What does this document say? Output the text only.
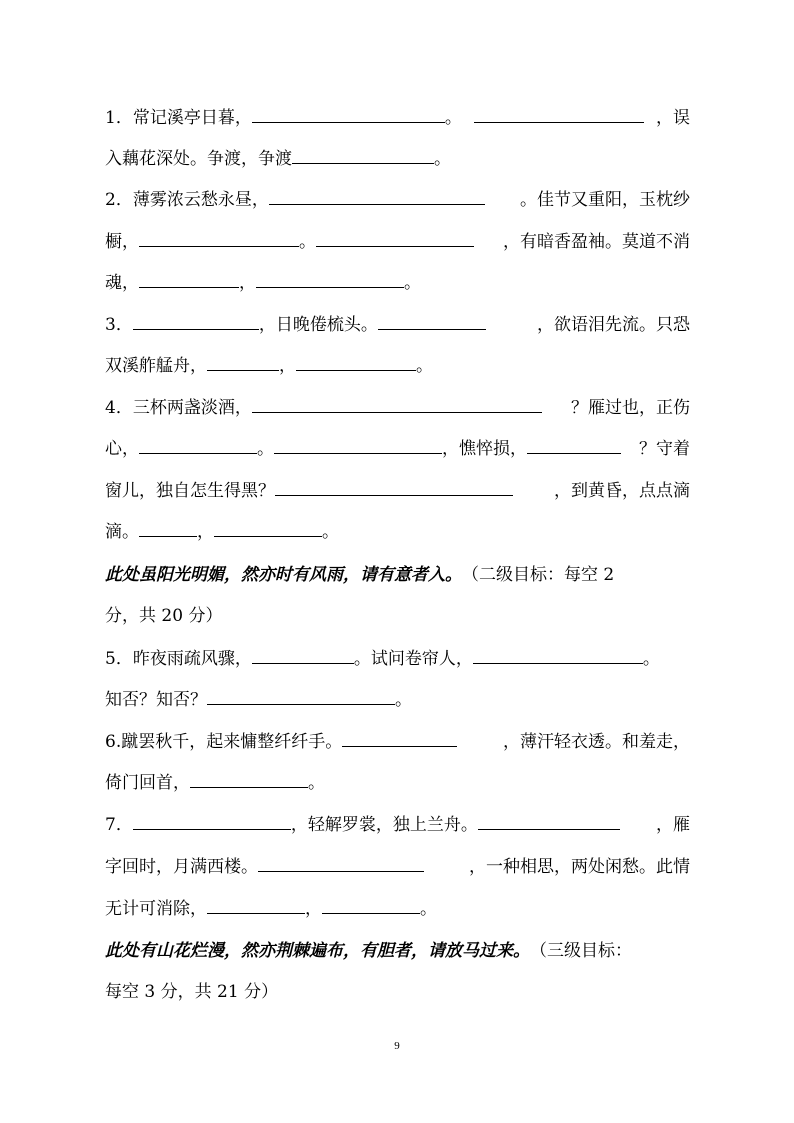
1．常记溪亭日暮，	。	，误
入藕花深处。争渡，争渡	。
2．薄雾浓云愁永昼，	。佳节又重阳，玉枕纱
橱，	。	，有暗香盈袖。莫道不消
魂，	，	。
3．	，日晚倦梳头。	，欲语泪先流。只恐
双溪舴艋舟，	，	。
4．三杯两盏淡酒，	？雁过也，正伤
心，	。	，憔悴损，	？守着
窗儿，独自怎生得黑？	，到黄昏，点点滴
滴。	，	。
此处虽阳光明媚，然亦时有风雨，请有意者入。（二级目标：每空 2
分，共 20 分）
5．昨夜雨疏风骤，	。试问卷帘人，	。
知否？知否？	。
6.蹴罢秋千，起来慵整纤纤手。	，薄汗轻衣透。和羞走，
倚门回首，	。
7．	，轻解罗裳，独上兰舟。	，雁
字回时，月满西楼。	，一种相思，两处闲愁。此情
无计可消除，	，	。
此处有山花烂漫，然亦荆棘遍布，有胆者，请放马过来。（三级目标：
每空 3 分，共 21 分）
9
